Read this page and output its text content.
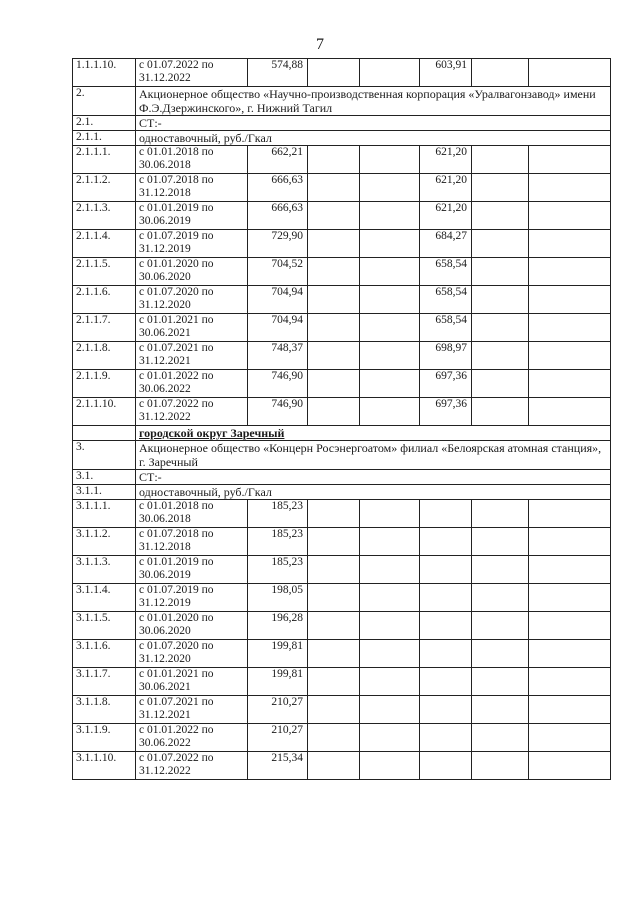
7
1.1.1.10.	с 01.07.2022 по
31.12.2022	574,88			603,91		
2.	Акционерное общество «Научно-производственная корпорация «Уралвагонзавод» имени Ф.Э.Дзержинского», г. Нижний Тагил						
2.1.	СТ:-						
2.1.1.	одноставочный, руб./Гкал						
2.1.1.1.	с 01.01.2018 по
30.06.2018	662,21			621,20		
2.1.1.2.	с 01.07.2018 по
31.12.2018	666,63			621,20		
2.1.1.3.	с 01.01.2019 по
30.06.2019	666,63			621,20		
2.1.1.4.	с 01.07.2019 по
31.12.2019	729,90			684,27		
2.1.1.5.	с 01.01.2020 по
30.06.2020	704,52			658,54		
2.1.1.6.	с 01.07.2020 по
31.12.2020	704,94			658,54		
2.1.1.7.	с 01.01.2021 по
30.06.2021	704,94			658,54		
2.1.1.8.	с 01.07.2021 по
31.12.2021	748,37			698,97		
2.1.1.9.	с 01.01.2022 по
30.06.2022	746,90			697,36		
2.1.1.10.	с 01.07.2022 по
31.12.2022	746,90			697,36		
	городской округ Заречный						
3.	Акционерное общество «Концерн Росэнергоатом» филиал «Белоярская атомная станция», г. Заречный						
3.1.	СТ:-						
3.1.1.	одноставочный, руб./Гкал						
3.1.1.1.	с 01.01.2018 по
30.06.2018	185,23					
3.1.1.2.	с 01.07.2018 по
31.12.2018	185,23					
3.1.1.3.	с 01.01.2019 по
30.06.2019	185,23					
3.1.1.4.	с 01.07.2019 по
31.12.2019	198,05					
3.1.1.5.	с 01.01.2020 по
30.06.2020	196,28					
3.1.1.6.	с 01.07.2020 по
31.12.2020	199,81					
3.1.1.7.	с 01.01.2021 по
30.06.2021	199,81					
3.1.1.8.	с 01.07.2021 по
31.12.2021	210,27					
3.1.1.9.	с 01.01.2022 по
30.06.2022	210,27					
3.1.1.10.	с 01.07.2022 по
31.12.2022	215,34					
